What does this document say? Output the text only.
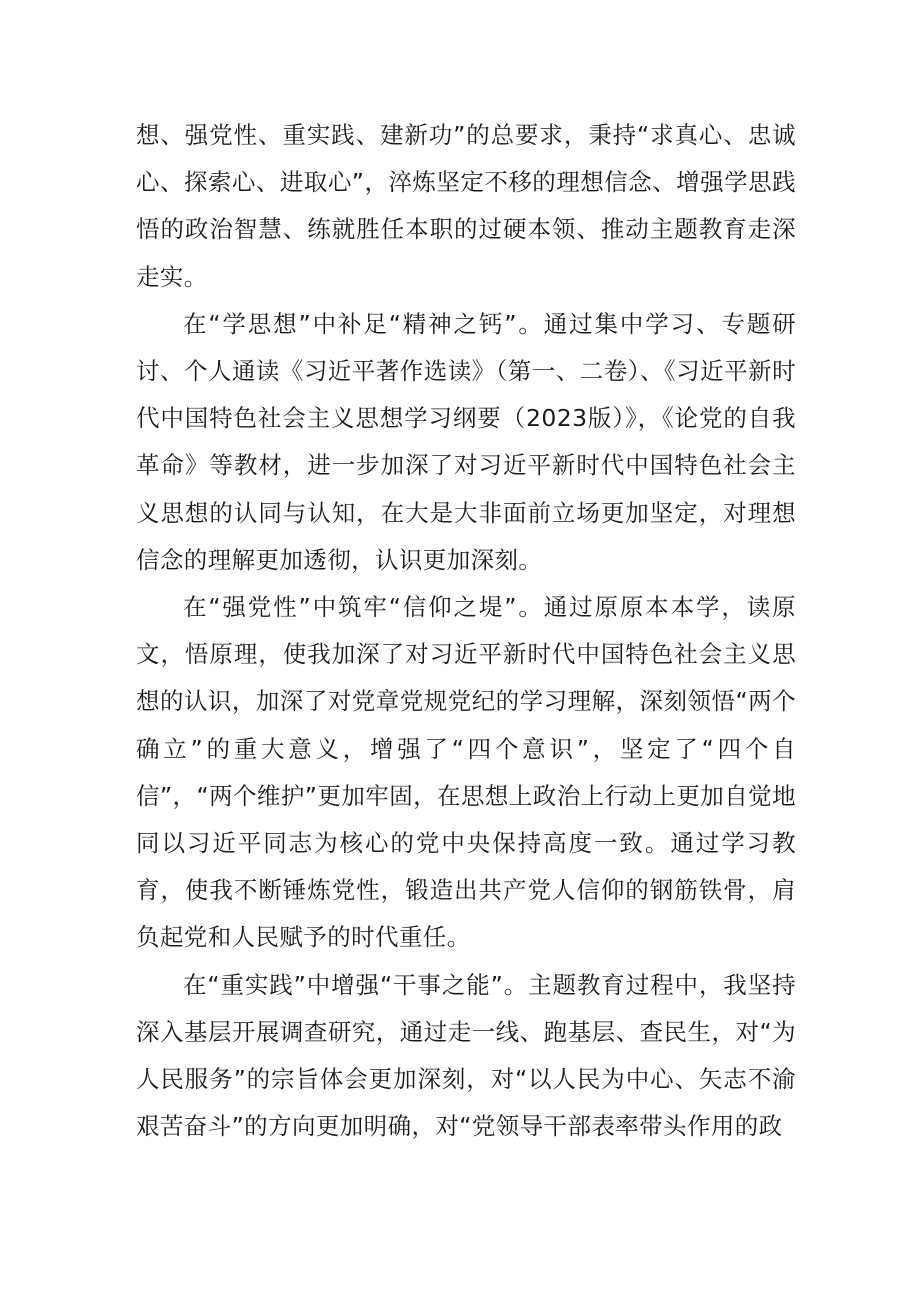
想、强党性、重实践、建新功”的总要求，秉持“求真心、忠诚心、探索心、进取心”，淬炼坚定不移的理想信念、增强学思践悟的政治智慧、练就胜任本职的过硬本领、推动主题教育走深走实。

在“学思想”中补足“精神之钙”。通过集中学习、专题研讨、个人通读《习近平著作选读》（第一、二卷）、《习近平新时代中国特色社会主义思想学习纲要（2023版）》，《论党的自我革命》等教材，进一步加深了对习近平新时代中国特色社会主义思想的认同与认知，在大是大非面前立场更加坚定，对理想信念的理解更加透彻，认识更加深刻。

在“强党性”中筑牢“信仰之堤”。通过原原本本学，读原文，悟原理，使我加深了对习近平新时代中国特色社会主义思想的认识，加深了对党章党规党纪的学习理解，深刻领悟“两个确立”的重大意义，增强了“四个意识”，坚定了“四个自信”，“两个维护”更加牢固，在思想上政治上行动上更加自觉地同以习近平同志为核心的党中央保持高度一致。通过学习教育，使我不断锤炼党性，锻造出共产党人信仰的钢筋铁骨，肩负起党和人民赋予的时代重任。

在“重实践”中增强“干事之能”。主题教育过程中，我坚持深入基层开展调查研究，通过走一线、跑基层、查民生，对“为人民服务”的宗旨体会更加深刻，对“以人民为中心、矢志不渝艰苦奋斗”的方向更加明确，对“党领导干部表率带头作用的政
